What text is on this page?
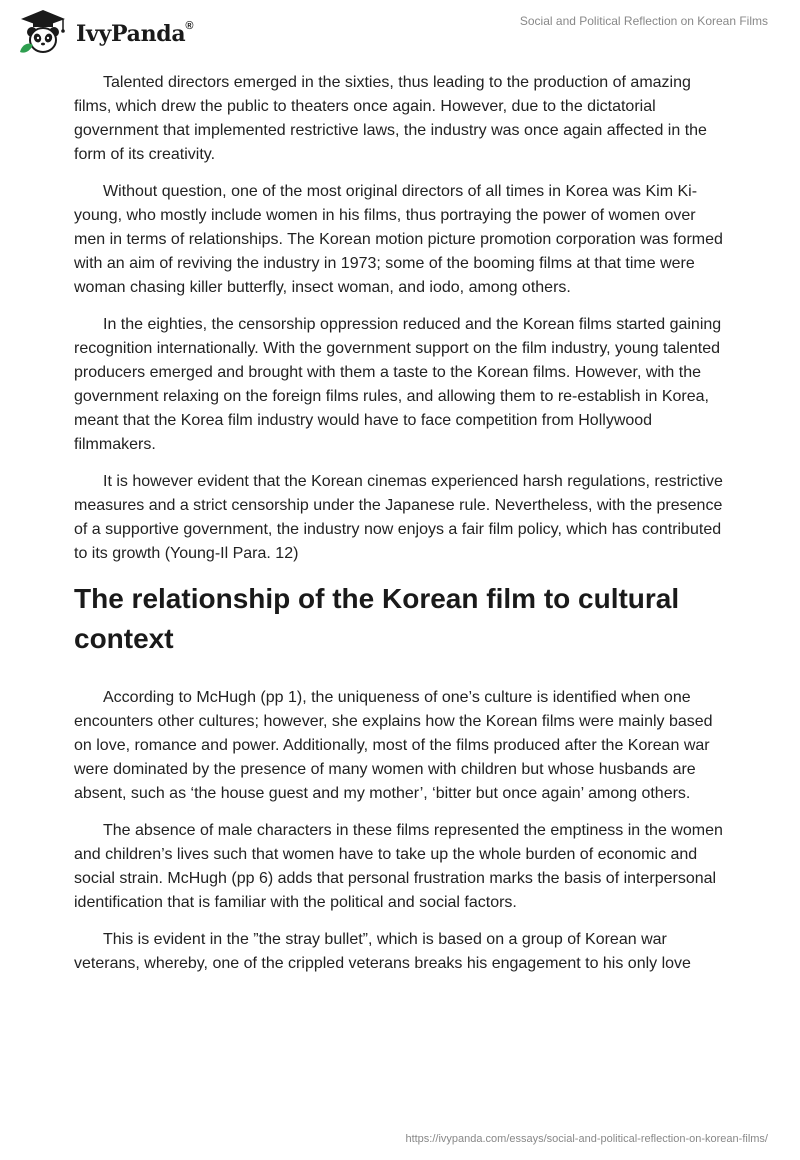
IvyPanda®	Social and Political Reflection on Korean Films

Talented directors emerged in the sixties, thus leading to the production of amazing films, which drew the public to theaters once again. However, due to the dictatorial government that implemented restrictive laws, the industry was once again affected in the form of its creativity.

Without question, one of the most original directors of all times in Korea was Kim Ki-young, who mostly include women in his films, thus portraying the power of women over men in terms of relationships. The Korean motion picture promotion corporation was formed with an aim of reviving the industry in 1973; some of the booming films at that time were woman chasing killer butterfly, insect woman, and iodo, among others.

In the eighties, the censorship oppression reduced and the Korean films started gaining recognition internationally. With the government support on the film industry, young talented producers emerged and brought with them a taste to the Korean films. However, with the government relaxing on the foreign films rules, and allowing them to re-establish in Korea, meant that the Korea film industry would have to face competition from Hollywood filmmakers.

It is however evident that the Korean cinemas experienced harsh regulations, restrictive measures and a strict censorship under the Japanese rule. Nevertheless, with the presence of a supportive government, the industry now enjoys a fair film policy, which has contributed to its growth (Young-Il Para. 12)

The relationship of the Korean film to cultural context

According to McHugh (pp 1), the uniqueness of one’s culture is identified when one encounters other cultures; however, she explains how the Korean films were mainly based on love, romance and power. Additionally, most of the films produced after the Korean war were dominated by the presence of many women with children but whose husbands are absent, such as ‘the house guest and my mother’, ‘bitter but once again’ among others.

The absence of male characters in these films represented the emptiness in the women and children’s lives such that women have to take up the whole burden of economic and social strain. McHugh (pp 6) adds that personal frustration marks the basis of interpersonal identification that is familiar with the political and social factors.

This is evident in the ”the stray bullet”, which is based on a group of Korean war veterans, whereby, one of the crippled veterans breaks his engagement to his only love

https://ivypanda.com/essays/social-and-political-reflection-on-korean-films/
